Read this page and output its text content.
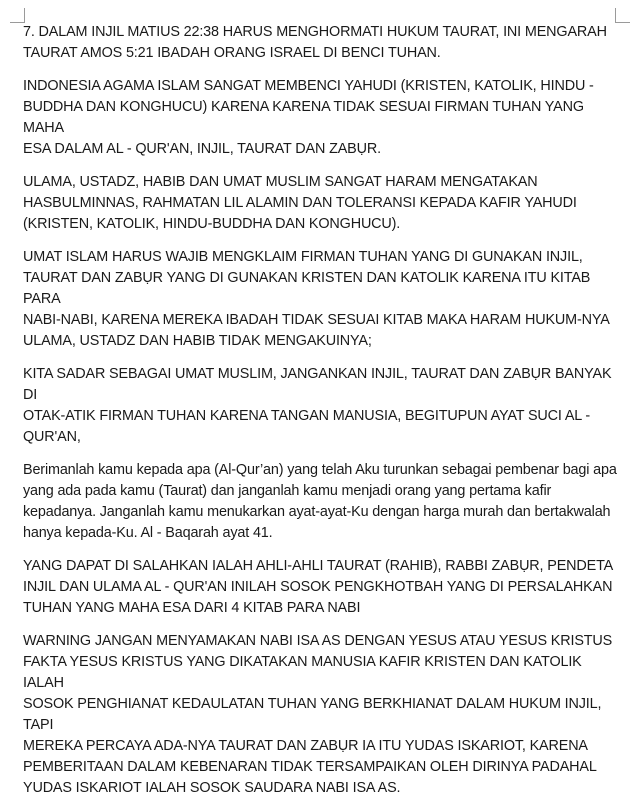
7. DALAM INJIL MATIUS 22:38 HARUS MENGHORMATI HUKUM TAURAT, INI MENGARAH
TAURAT AMOS 5:21 IBADAH ORANG ISRAEL DI BENCI TUHAN.

INDONESIA AGAMA ISLAM SANGAT MEMBENCI YAHUDI (KRISTEN, KATOLIK, HINDU -
BUDDHA DAN KONGHUCU) KARENA KARENA TIDAK SESUAI FIRMAN TUHAN YANG MAHA
ESA DALAM AL - QUR'AN, INJIL, TAURAT DAN ZABỤR.

ULAMA, USTADZ, HABIB DAN UMAT MUSLIM SANGAT HARAM MENGATAKAN
HASBULMINNAS, RAHMATAN LIL ALAMIN DAN TOLERANSI KEPADA KAFIR YAHUDI
(KRISTEN, KATOLIK, HINDU-BUDDHA DAN KONGHUCU).

UMAT ISLAM HARUS WAJIB MENGKLAIM FIRMAN TUHAN YANG DI GUNAKAN INJIL,
TAURAT DAN ZABỤR YANG DI GUNAKAN KRISTEN DAN KATOLIK KARENA ITU KITAB PARA
NABI-NABI, KARENA MEREKA IBADAH TIDAK SESUAI KITAB MAKA HARAM HUKUM-NYA
ULAMA, USTADZ DAN HABIB TIDAK MENGAKUINYA;

KITA SADAR SEBAGAI UMAT MUSLIM, JANGANKAN INJIL, TAURAT DAN ZABỤR BANYAK DI
OTAK-ATIK FIRMAN TUHAN KARENA TANGAN MANUSIA, BEGITUPUN AYAT SUCI AL -
QUR'AN,

Berimanlah kamu kepada apa (Al-Qur’an) yang telah Aku turunkan sebagai pembenar bagi apa
yang ada pada kamu (Taurat) dan janganlah kamu menjadi orang yang pertama kafir
kepadanya. Janganlah kamu menukarkan ayat-ayat-Ku dengan harga murah dan bertakwalah
hanya kepada-Ku. Al - Baqarah ayat 41.

YANG DAPAT DI SALAHKAN IALAH AHLI-AHLI TAURAT (RAHIB), RABBI ZABỤR, PENDETA
INJIL DAN ULAMA AL - QUR'AN INILAH SOSOK PENGKHOTBAH YANG DI PERSALAHKAN
TUHAN YANG MAHA ESA DARI 4 KITAB PARA NABI

WARNING JANGAN MENYAMAKAN NABI ISA AS DENGAN YESUS ATAU YESUS KRISTUS
FAKTA YESUS KRISTUS YANG DIKATAKAN MANUSIA KAFIR KRISTEN DAN KATOLIK IALAH
SOSOK PENGHIANAT KEDAULATAN TUHAN YANG BERKHIANAT DALAM HUKUM INJIL, TAPI
MEREKA PERCAYA ADA-NYA TAURAT DAN ZABỤR IA ITU YUDAS ISKARIOT, KARENA
PEMBERITAAN DALAM KEBENARAN TIDAK TERSAMPAIKAN OLEH DIRINYA PADAHAL
YUDAS ISKARIOT IALAH SOSOK SAUDARA NABI ISA AS.
